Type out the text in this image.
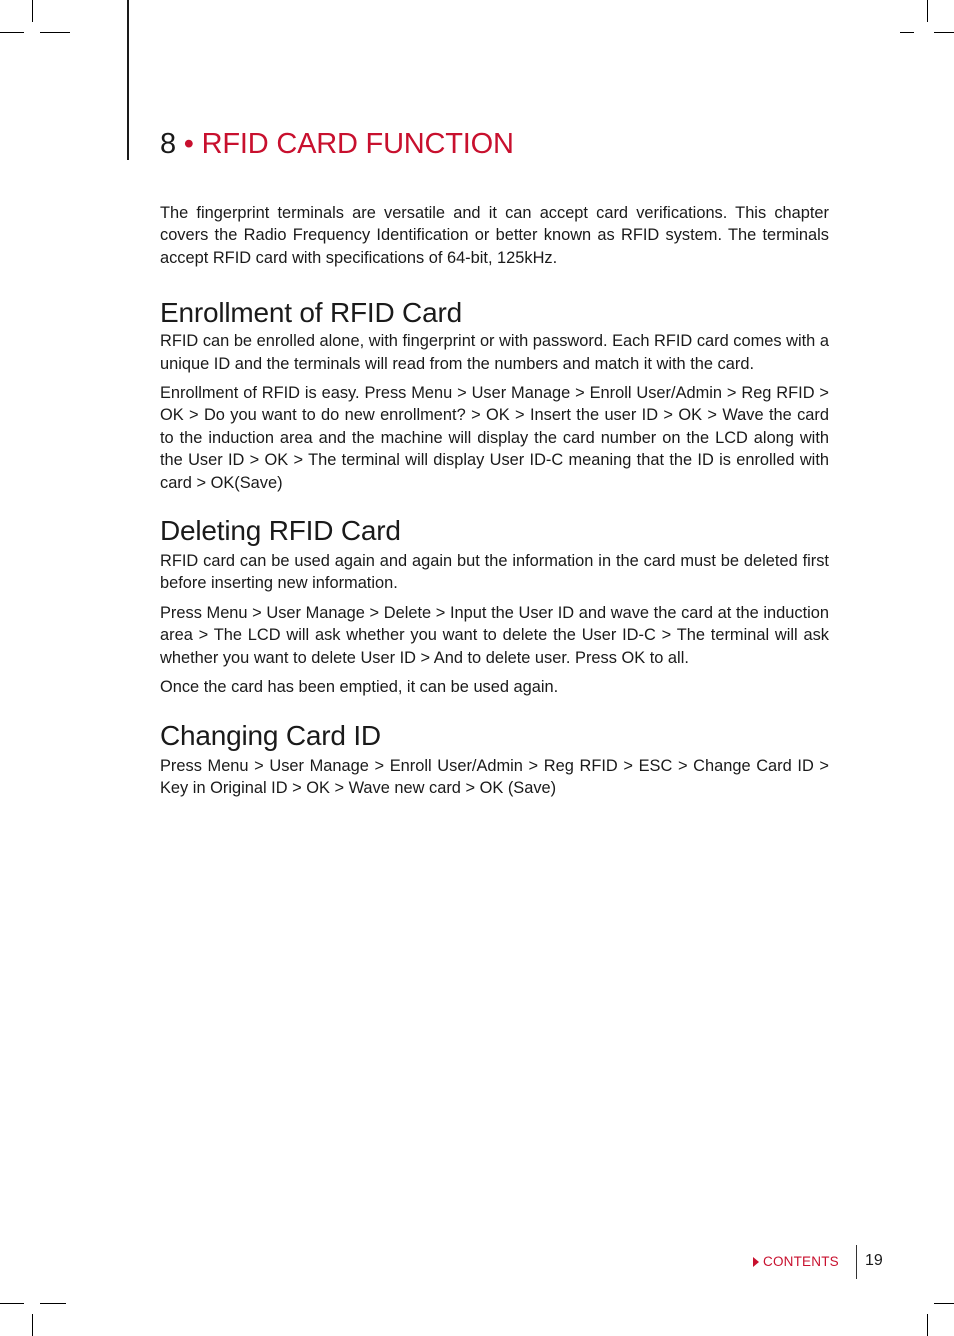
8 • RFID CARD FUNCTION

The fingerprint terminals are versatile and it can accept card verifications. This chapter covers the Radio Frequency Identification or better known as RFID system. The terminals accept RFID card with specifications of 64-bit, 125kHz.

Enrollment of RFID Card

RFID can be enrolled alone, with fingerprint or with password. Each RFID card comes with a unique ID and the terminals will read from the numbers and match it with the card.

Enrollment of RFID is easy. Press Menu > User Manage > Enroll User/Admin > Reg RFID > OK > Do you want to do new enrollment? > OK > Insert the user ID > OK > Wave the card to the induction area and the machine will display the card number on the LCD along with the User ID > OK > The terminal will display User ID-C meaning that the ID is enrolled with card > OK(Save)

Deleting RFID Card

RFID card can be used again and again but the information in the card must be deleted first before inserting new information.

Press Menu > User Manage > Delete > Input the User ID and wave the card at the induction area > The LCD will ask whether you want to delete the User ID-C > The terminal will ask whether you want to delete User ID > And to delete user. Press OK to all.

Once the card has been emptied, it can be used again.

Changing Card ID

Press Menu > User Manage > Enroll User/Admin > Reg RFID > ESC > Change Card ID > Key in Original ID > OK > Wave new card > OK (Save)

CONTENTS 19
